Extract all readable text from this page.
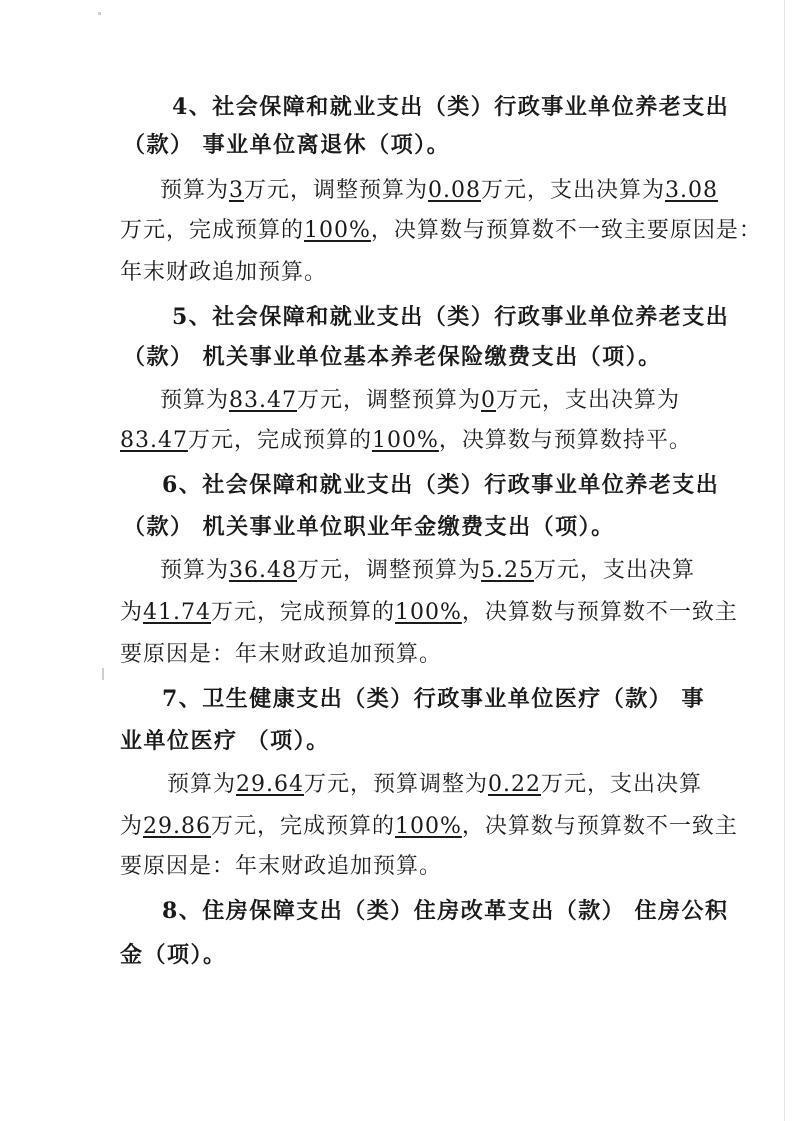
4、社会保障和就业支出（类）行政事业单位养老支出
（款） 事业单位离退休（项）。
预算为3万元，调整预算为0.08万元，支出决算为3.08
万元，完成预算的100%，决算数与预算数不一致主要原因是：
年末财政追加预算。
5、社会保障和就业支出（类）行政事业单位养老支出
（款） 机关事业单位基本养老保险缴费支出（项）。
预算为83.47万元，调整预算为0万元，支出决算为
83.47万元，完成预算的100%，决算数与预算数持平。
6、社会保障和就业支出（类）行政事业单位养老支出
（款） 机关事业单位职业年金缴费支出（项）。
预算为36.48万元，调整预算为5.25万元，支出决算
为41.74万元，完成预算的100%，决算数与预算数不一致主
要原因是：年末财政追加预算。
7、卫生健康支出（类）行政事业单位医疗（款） 事
业单位医疗 （项）。
预算为29.64万元，预算调整为0.22万元，支出决算
为29.86万元，完成预算的100%，决算数与预算数不一致主
要原因是：年末财政追加预算。
8、住房保障支出（类）住房改革支出（款） 住房公积
金（项）。
